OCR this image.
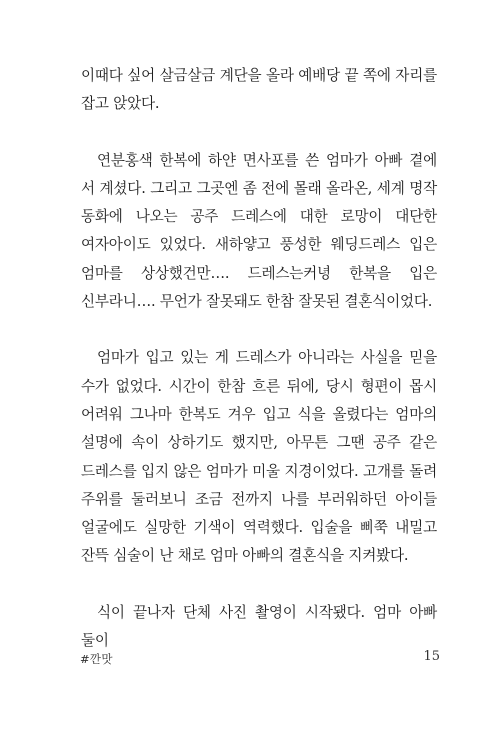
이때다 싶어 살금살금 계단을 올라 예배당 끝 쪽에 자리를 잡고 앉았다.

연분홍색 한복에 하얀 면사포를 쓴 엄마가 아빠 곁에 서 계셨다. 그리고 그곳엔 좀 전에 몰래 올라온, 세계 명작 동화에 나오는 공주 드레스에 대한 로망이 대단한 여자아이도 있었다. 새하얗고 풍성한 웨딩드레스 입은 엄마를 상상했건만…. 드레스는커녕 한복을 입은 신부라니…. 무언가 잘못돼도 한참 잘못된 결혼식이었다.

엄마가 입고 있는 게 드레스가 아니라는 사실을 믿을 수가 없었다. 시간이 한참 흐른 뒤에, 당시 형편이 몹시 어려워 그나마 한복도 겨우 입고 식을 올렸다는 엄마의 설명에 속이 상하기도 했지만, 아무튼 그땐 공주 같은 드레스를 입지 않은 엄마가 미울 지경이었다. 고개를 돌려 주위를 둘러보니 조금 전까지 나를 부러워하던 아이들 얼굴에도 실망한 기색이 역력했다. 입술을 삐쭉 내밀고 잔뜩 심술이 난 채로 엄마 아빠의 결혼식을 지켜봤다.

식이 끝나자 단체 사진 촬영이 시작됐다. 엄마 아빠 둘이

#깐맛	15
